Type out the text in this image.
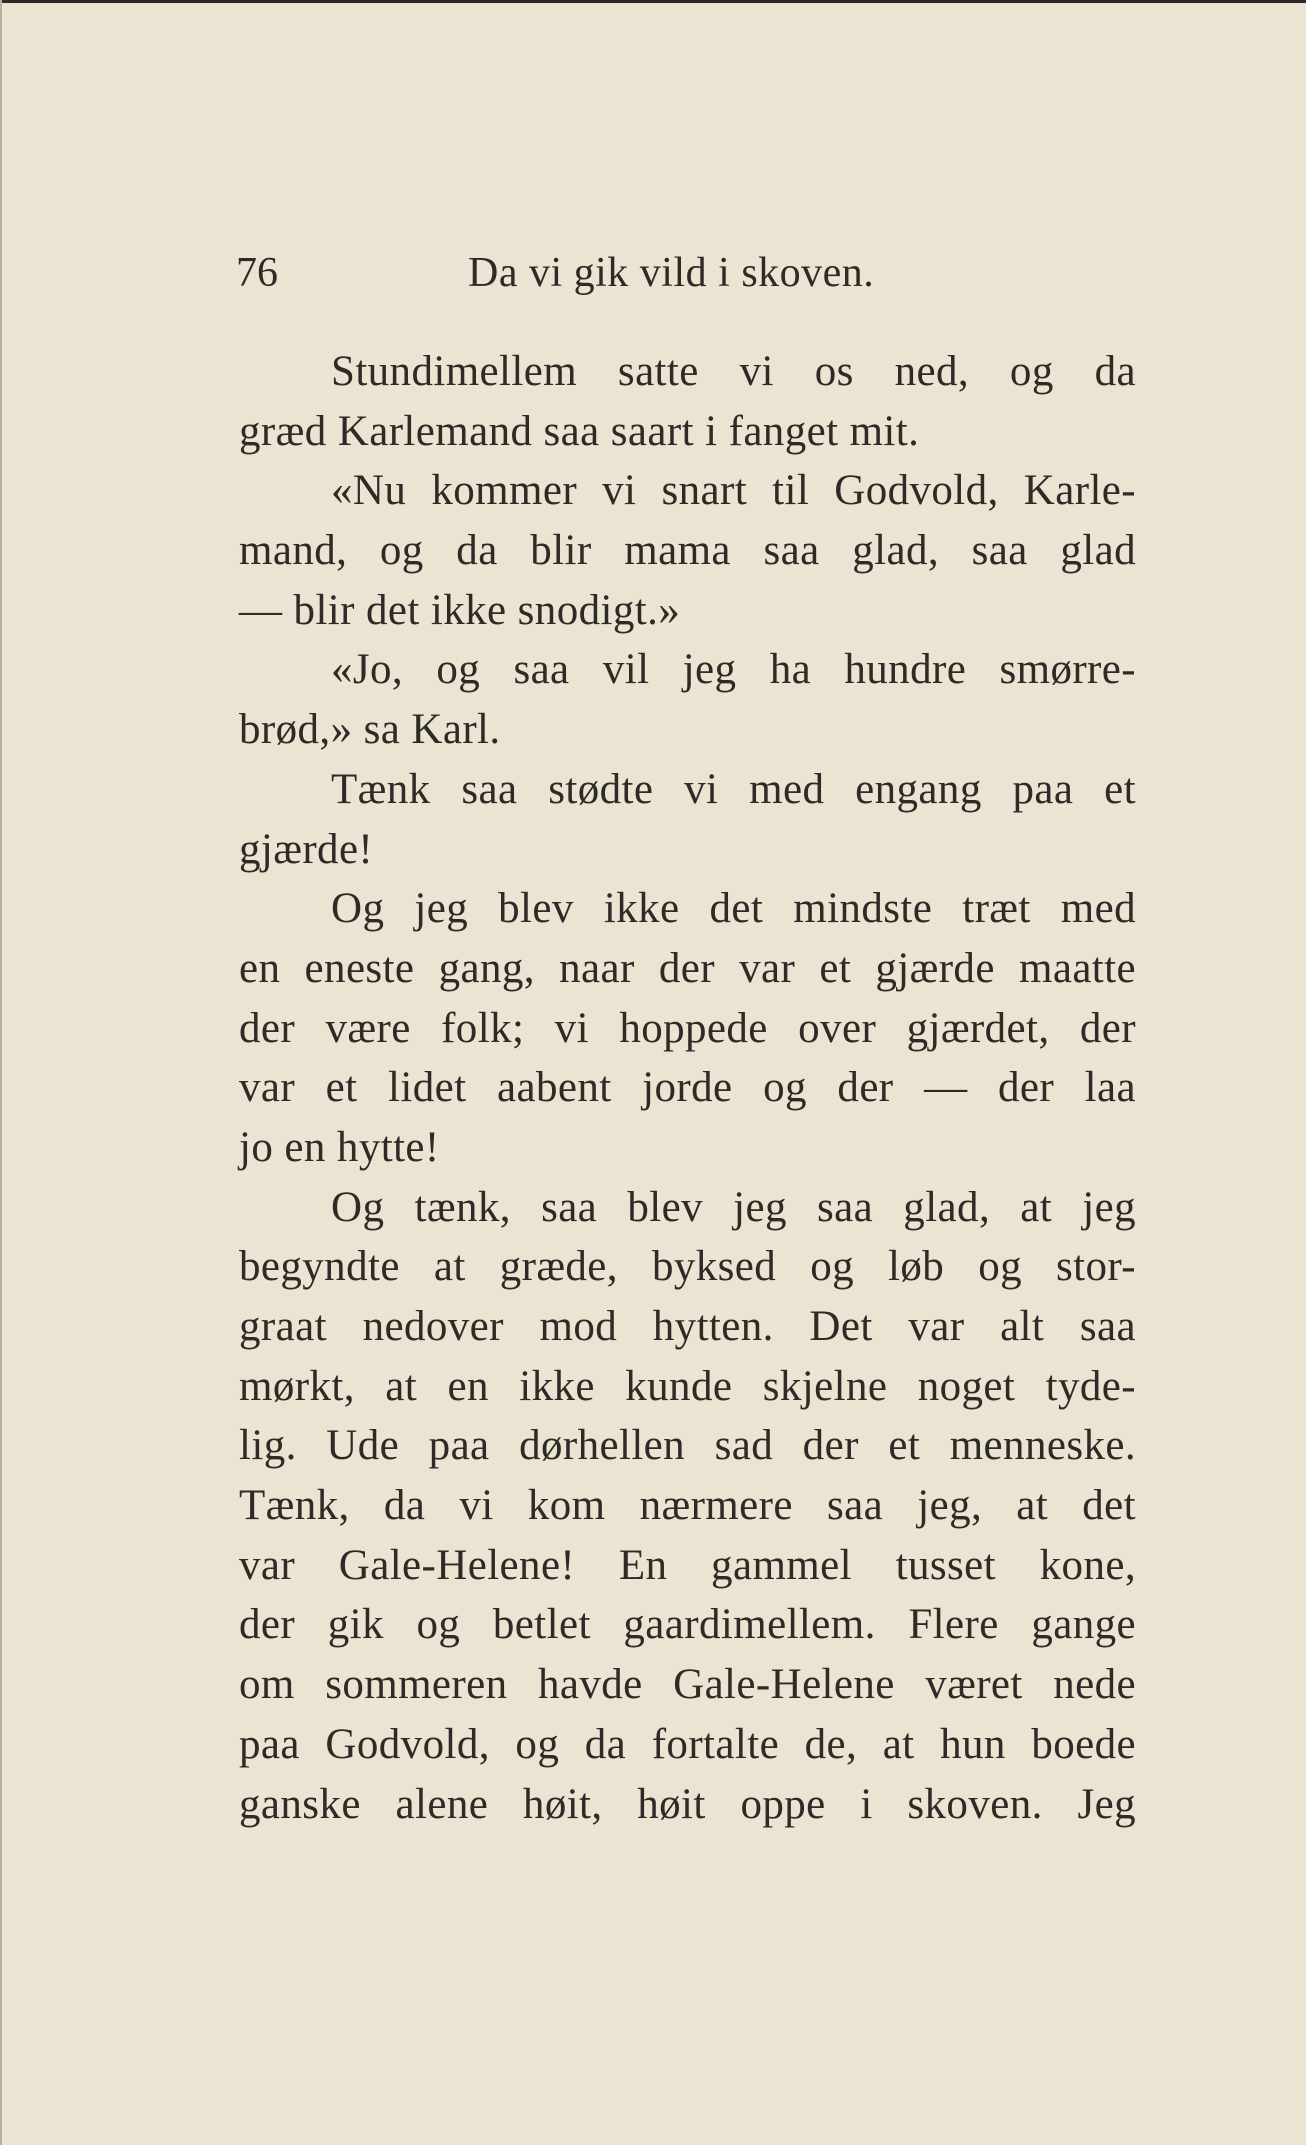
76	Da vi gik vild i skoven.
Stundimellem satte vi os ned, og da
græd Karlemand saa saart i fanget mit.
«Nu kommer vi snart til Godvold, Karle-
mand, og da blir mama saa glad, saa glad
— blir det ikke snodigt.»
«Jo, og saa vil jeg ha hundre smørre-
brød,» sa Karl.
Tænk saa stødte vi med engang paa et
gjærde!
Og jeg blev ikke det mindste træt med
en eneste gang, naar der var et gjærde maatte
der være folk; vi hoppede over gjærdet, der
var et lidet aabent jorde og der — der laa
jo en hytte!
Og tænk, saa blev jeg saa glad, at jeg
begyndte at græde, byksed og løb og stor-
graat nedover mod hytten. Det var alt saa
mørkt, at en ikke kunde skjelne noget tyde-
lig. Ude paa dørhellen sad der et menneske.
Tænk, da vi kom nærmere saa jeg, at det
var Gale-Helene! En gammel tusset kone,
der gik og betlet gaardimellem. Flere gange
om sommeren havde Gale-Helene været nede
paa Godvold, og da fortalte de, at hun boede
ganske alene høit, høit oppe i skoven. Jeg
